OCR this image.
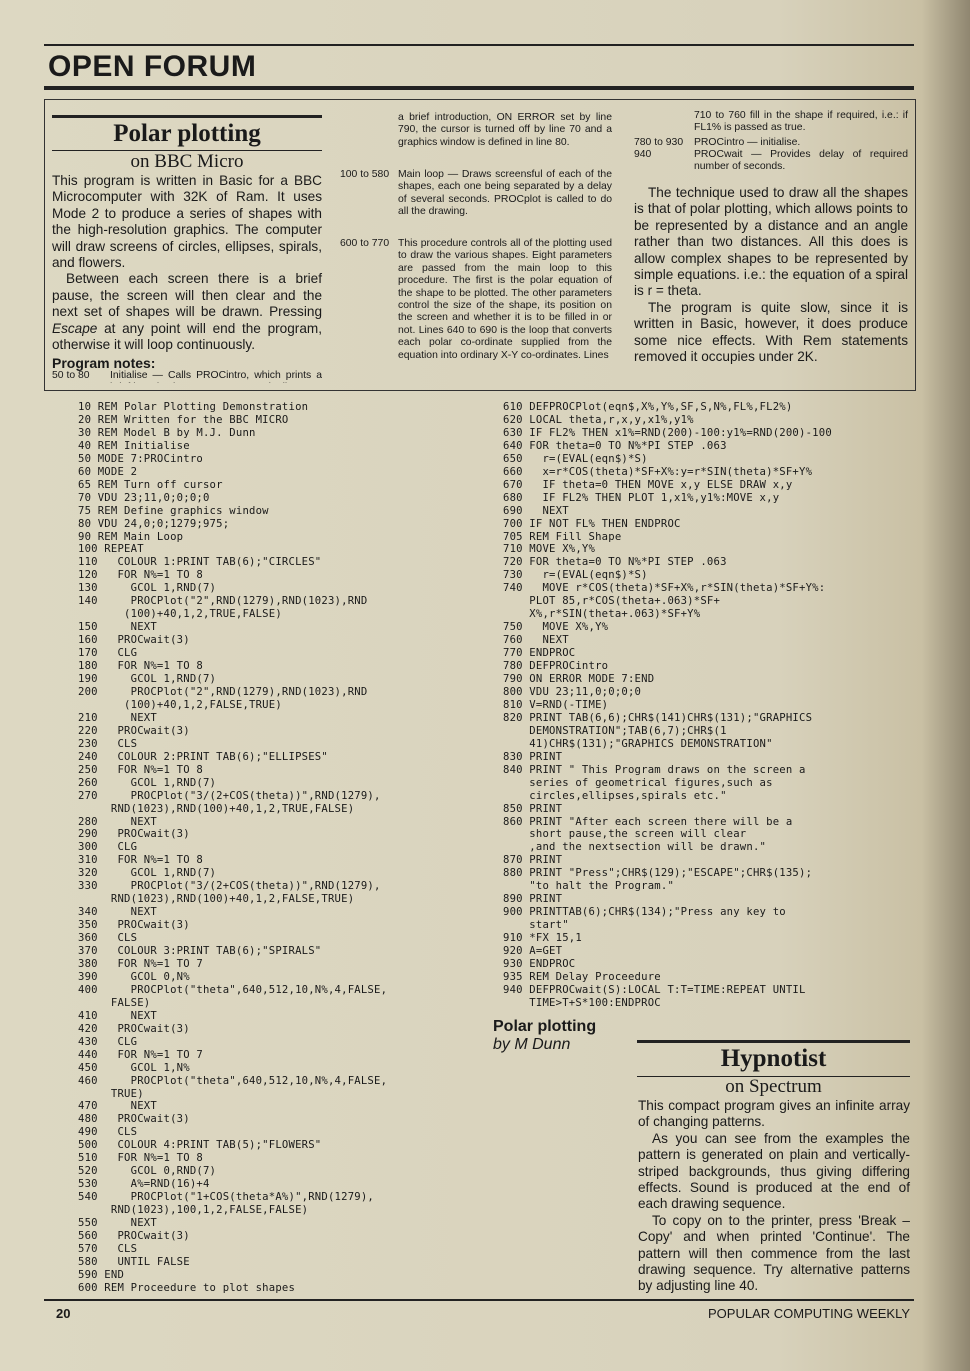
OPEN FORUM
Polar plotting
on BBC Micro

This program is written in Basic for a BBC Microcomputer with 32K of Ram. It uses Mode 2 to produce a series of shapes with the high-resolution graphics. The computer will draw screens of circles, ellipses, spirals, and flowers.

Between each screen there is a brief pause, the screen will then clear and the next set of shapes will be drawn. Pressing Escape at any point will end the program, otherwise it will loop continuously.

Program notes:
50 to 80 Initialise — Calls PROCintro, which prints a
a brief introduction, ON ERROR set by line 790, the cursor is turned off by line 70 and a graphics window is defined in line 80.
100 to 580 Main loop — Draws screensful of each of the shapes, each one being separated by a delay of several seconds. PROCplot is called to do all the drawing.
600 to 770 This procedure controls all of the plotting used to draw the various shapes. Eight parameters are passed from the main loop to this procedure. The first is the polar equation of the shape to be plotted. The other parameters control the size of the shape, its position on the screen and whether it is to be filled in or not. Lines 640 to 690 is the loop that converts each polar co-ordinate supplied from the equation into ordinary X-Y co-ordinates. Lines
710 to 760 fill in the shape if required, i.e.: if FL1% is passed as true.
780 to 930 PROCintro — initialise.
940	PROCwait — Provides delay of required number of seconds.

The technique used to draw all the shapes is that of polar plotting, which allows points to be represented by a distance and an angle rather than two distances. All this does is allow complex shapes to be represented by simple equations. i.e.: the equation of a spiral is r = theta.

The program is quite slow, since it is written in Basic, however, it does produce some nice effects. With Rem statements removed it occupies under 2K.

10 REM Polar Plotting Demonstration
20 REM Written for the BBC MICRO
30 REM Model B by M.J. Dunn
40 REM Initialise
50 MODE 7:PROCintro
60 MODE 2
65 REM Turn off cursor
70 VDU 23;11,0;0;0;0
75 REM Define graphics window
80 VDU 24,0;0;1279;975;
90 REM Main Loop
100 REPEAT
110   COLOUR 1:PRINT TAB(6);"CIRCLES"
120   FOR N%=1 TO 8
130     GCOL 1,RND(7)
140     PROCPlot("2",RND(1279),RND(1023),RND
(100)+40,1,2,TRUE,FALSE)
150     NEXT
160   PROCwait(3)
170   CLG
180   FOR N%=1 TO 8
190     GCOL 1,RND(7)
200     PROCPlot("2",RND(1279),RND(1023),RND
(100)+40,1,2,FALSE,TRUE)
210     NEXT
220   PROCwait(3)
230   CLS
240   COLOUR 2:PRINT TAB(6);"ELLIPSES"
250   FOR N%=1 TO 8
260     GCOL 1,RND(7)
270     PROCPlot("3/(2+COS(theta))",RND(1279),
RND(1023),RND(100)+40,1,2,TRUE,FALSE)
280     NEXT
290   PROCwait(3)
300   CLG
310   FOR N%=1 TO 8
320     GCOL 1,RND(7)
330     PROCPlot("3/(2+COS(theta))",RND(1279),
RND(1023),RND(100)+40,1,2,FALSE,TRUE)
340     NEXT
350   PROCwait(3)
360   CLS
370   COLOUR 3:PRINT TAB(6);"SPIRALS"
380   FOR N%=1 TO 7
390     GCOL 0,N%
400     PROCPlot("theta",640,512,10,N%,4,FALSE,
FALSE)
410     NEXT
420   PROCwait(3)
430   CLG
440   FOR N%=1 TO 7
450     GCOL 1,N%
460     PROCPlot("theta",640,512,10,N%,4,FALSE,
TRUE)
470     NEXT
480   PROCwait(3)
490   CLS
500   COLOUR 4:PRINT TAB(5);"FLOWERS"
510   FOR N%=1 TO 8
520     GCOL 0,RND(7)
530     A%=RND(16)+4
540     PROCPlot("1+COS(theta*A%)",RND(1279),
RND(1023),100,1,2,FALSE,FALSE)
550     NEXT
560   PROCwait(3)
570   CLS
580   UNTIL FALSE
590 END
600 REM Proceedure to plot shapes
610 DEFPROCPlot(eqn$,X%,Y%,SF,S,N%,FL%,FL2%)
620 LOCAL theta,r,x,y,x1%,y1%
630 IF FL2% THEN x1%=RND(200)-100:y1%=RND(200)-100
640 FOR theta=0 TO N%*PI STEP .063
650   r=(EVAL(eqn$)*S)
660   x=r*COS(theta)*SF+X%:y=r*SIN(theta)*SF+Y%
670   IF theta=0 THEN MOVE x,y ELSE DRAW x,y
680   IF FL2% THEN PLOT 1,x1%,y1%:MOVE x,y
690   NEXT
700 IF NOT FL% THEN ENDPROC
705 REM Fill Shape
710 MOVE X%,Y%
720 FOR theta=0 TO N%*PI STEP .063
730   r=(EVAL(eqn$)*S)
740   MOVE r*COS(theta)*SF+X%,r*SIN(theta)*SF+Y%:
PLOT 85,r*COS(theta+.063)*SF+
X%,r*SIN(theta+.063)*SF+Y%
750   MOVE X%,Y%
760   NEXT
770 ENDPROC
780 DEFPROCintro
790 ON ERROR MODE 7:END
800 VDU 23;11,0;0;0;0
810 V=RND(-TIME)
820 PRINT TAB(6,6);CHR$(141)CHR$(131);"GRAPHICS
DEMONSTRATION";TAB(6,7);CHR$(1
41)CHR$(131);"GRAPHICS DEMONSTRATION"
830 PRINT
840 PRINT " This Program draws on the screen a
series of geometrical figures,such as
circles,ellipses,spirals etc."
850 PRINT
860 PRINT "After each screen there will be a
short pause,the screen will clear
,and the nextsection will be drawn."
870 PRINT
880 PRINT "Press";CHR$(129);"ESCAPE";CHR$(135);
"to halt the Program."
890 PRINT
900 PRINTTAB(6);CHR$(134);"Press any key to
start"
910 *FX 15,1
920 A=GET
930 ENDPROC
935 REM Delay Proceedure
940 DEFPROCwait(S):LOCAL T:T=TIME:REPEAT UNTIL
TIME>T+S*100:ENDPROC
Polar plotting
by M Dunn
Hypnotist
on Spectrum

This compact program gives an infinite array of changing patterns.

As you can see from the examples the pattern is generated on plain and vertically-striped backgrounds, thus giving differing effects. Sound is produced at the end of each drawing sequence.

To copy on to the printer, press 'Break – Copy' and when printed 'Continue'. The pattern will then commence from the last drawing sequence. Try alternative patterns by adjusting line 40.

20	POPULAR COMPUTING WEEKLY
